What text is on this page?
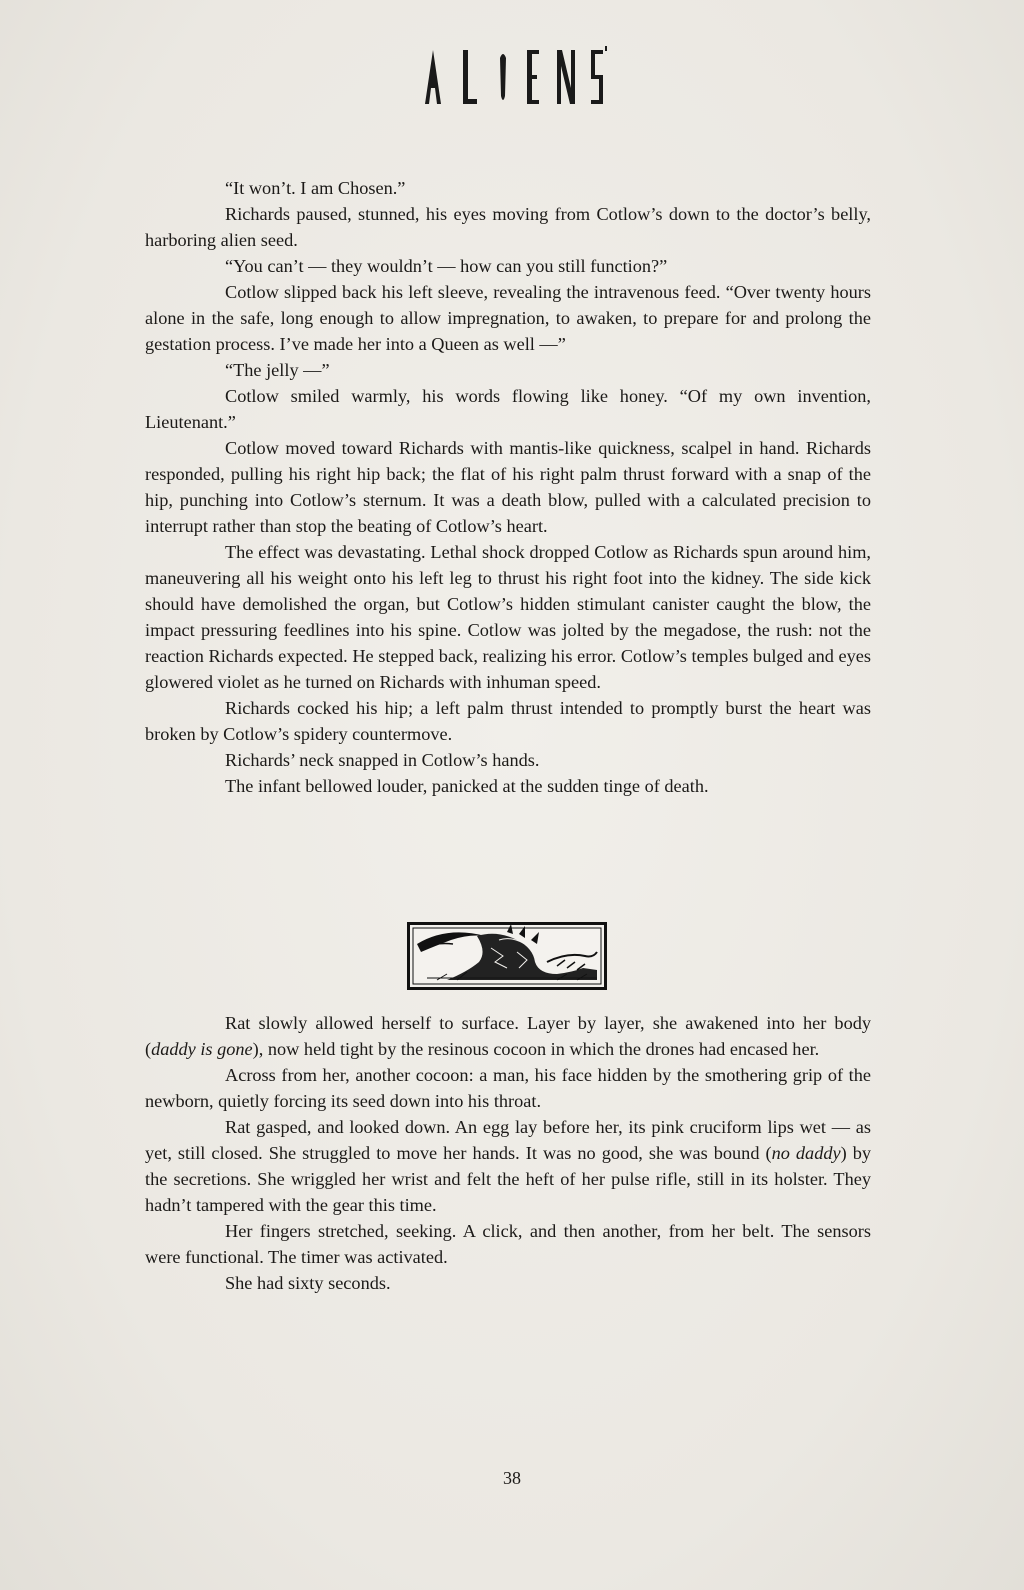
“It won’t. I am Chosen.”

Richards paused, stunned, his eyes moving from Cotlow’s down to the doctor’s belly, harboring alien seed.

“You can’t — they wouldn’t — how can you still function?”

Cotlow slipped back his left sleeve, revealing the intravenous feed. “Over twenty hours alone in the safe, long enough to allow impregnation, to awaken, to prepare for and prolong the gestation process. I’ve made her into a Queen as well —”

“The jelly —”

Cotlow smiled warmly, his words flowing like honey. “Of my own invention, Lieutenant.”

Cotlow moved toward Richards with mantis-like quickness, scalpel in hand. Richards responded, pulling his right hip back; the flat of his right palm thrust forward with a snap of the hip, punching into Cotlow’s sternum. It was a death blow, pulled with a calculated precision to interrupt rather than stop the beating of Cotlow’s heart.

The effect was devastating. Lethal shock dropped Cotlow as Richards spun around him, maneuvering all his weight onto his left leg to thrust his right foot into the kidney. The side kick should have demolished the organ, but Cotlow’s hidden stimulant canister caught the blow, the impact pressuring feedlines into his spine. Cotlow was jolted by the megadose, the rush: not the reaction Richards expected. He stepped back, realizing his error. Cotlow’s temples bulged and eyes glowered violet as he turned on Richards with inhuman speed.

Richards cocked his hip; a left palm thrust intended to promptly burst the heart was broken by Cotlow’s spidery countermove.

Richards’ neck snapped in Cotlow’s hands.

The infant bellowed louder, panicked at the sudden tinge of death.

Rat slowly allowed herself to surface. Layer by layer, she awakened into her body (daddy is gone), now held tight by the resinous cocoon in which the drones had encased her.

Across from her, another cocoon: a man, his face hidden by the smothering grip of the newborn, quietly forcing its seed down into his throat.

Rat gasped, and looked down. An egg lay before her, its pink cruciform lips wet — as yet, still closed. She struggled to move her hands. It was no good, she was bound (no daddy) by the secretions. She wriggled her wrist and felt the heft of her pulse rifle, still in its holster. They hadn’t tampered with the gear this time.

Her fingers stretched, seeking. A click, and then another, from her belt. The sensors were functional. The timer was activated.

She had sixty seconds.

38
